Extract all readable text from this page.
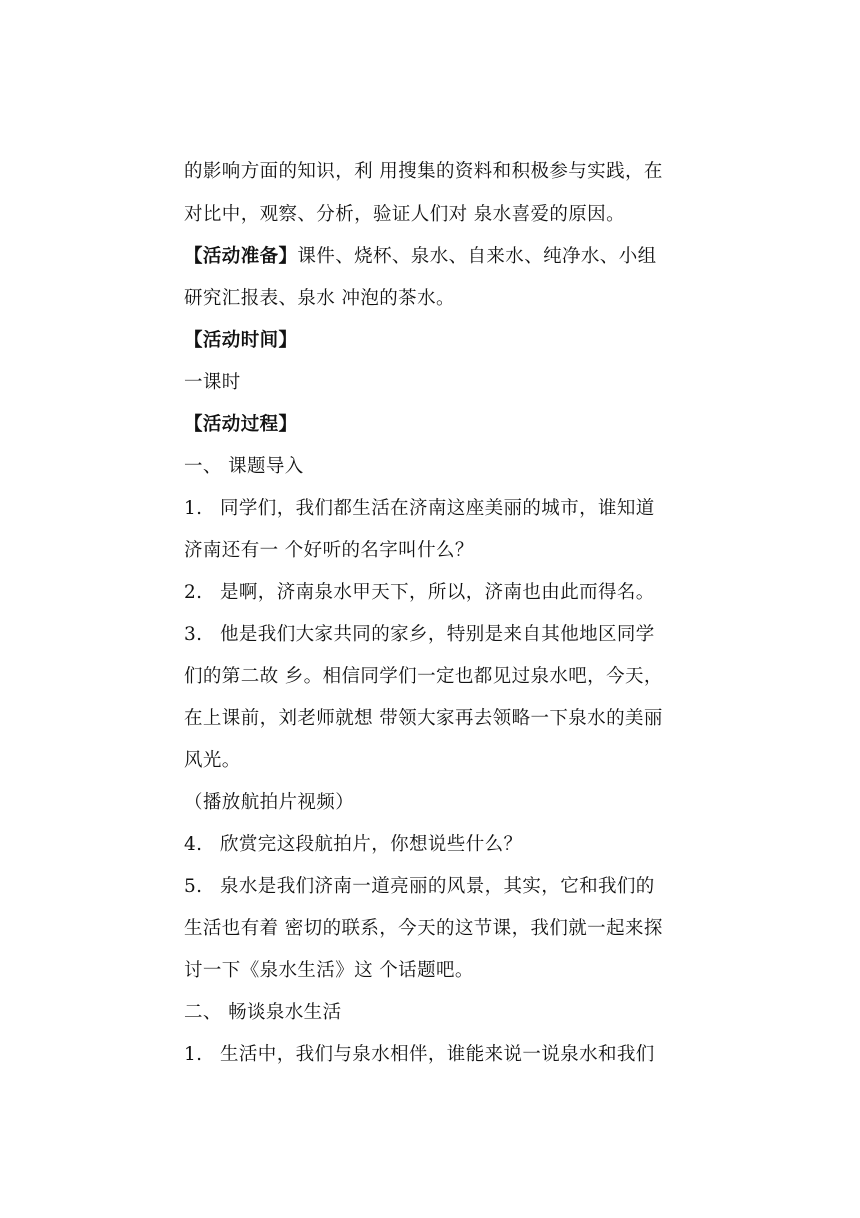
的影响方面的知识，利 用搜集的资料和积极参与实践，在
对比中，观察、分析，验证人们对 泉水喜爱的原因。
【活动准备】课件、烧杯、泉水、自来水、纯净水、小组
研究汇报表、泉水 冲泡的茶水。
【活动时间】
一课时
【活动过程】
一、 课题导入
1. 同学们，我们都生活在济南这座美丽的城市，谁知道
济南还有一 个好听的名字叫什么？
2. 是啊，济南泉水甲天下，所以，济南也由此而得名。
3. 他是我们大家共同的家乡，特别是来自其他地区同学
们的第二故 乡。相信同学们一定也都见过泉水吧，今天，
在上课前，刘老师就想 带领大家再去领略一下泉水的美丽
风光。
（播放航拍片视频）
4. 欣赏完这段航拍片，你想说些什么？
5. 泉水是我们济南一道亮丽的风景，其实，它和我们的
生活也有着 密切的联系，今天的这节课，我们就一起来探
讨一下《泉水生活》这 个话题吧。
二、 畅谈泉水生活
1. 生活中，我们与泉水相伴，谁能来说一说泉水和我们
